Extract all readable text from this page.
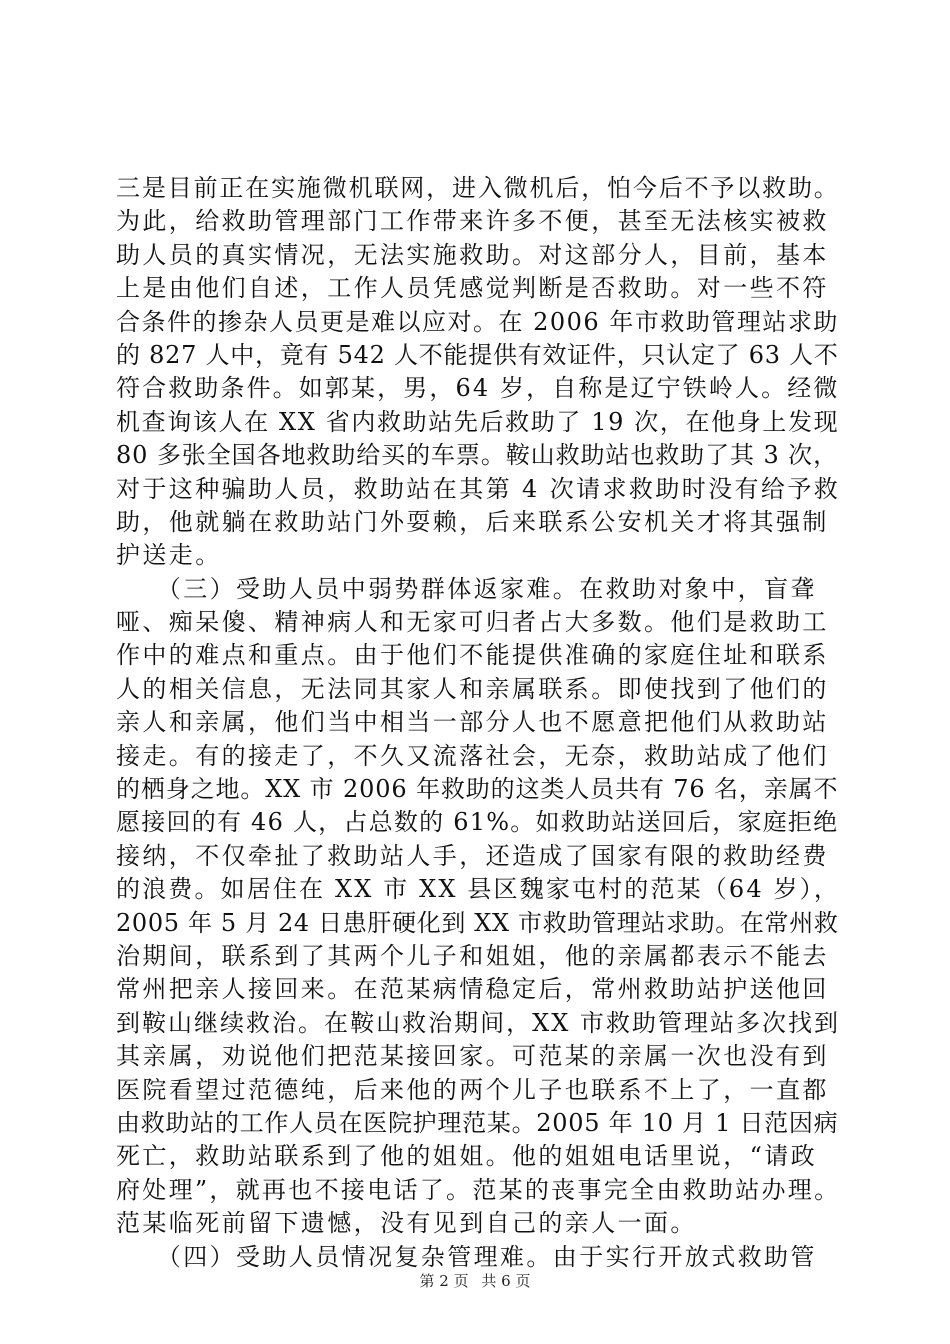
三是目前正在实施微机联网，进入微机后，怕今后不予以救助。
为此，给救助管理部门工作带来许多不便，甚至无法核实被救
助人员的真实情况，无法实施救助。对这部分人，目前，基本
上是由他们自述，工作人员凭感觉判断是否救助。对一些不符
合条件的掺杂人员更是难以应对。在 2006 年市救助管理站求助
的 827 人中，竟有 542 人不能提供有效证件，只认定了 63 人不
符合救助条件。如郭某，男，64 岁，自称是辽宁铁岭人。经微
机查询该人在 XX 省内救助站先后救助了 19 次，在他身上发现
80 多张全国各地救助给买的车票。鞍山救助站也救助了其 3 次，
对于这种骗助人员，救助站在其第 4 次请求救助时没有给予救
助，他就躺在救助站门外耍赖，后来联系公安机关才将其强制
护送走。
　　（三）受助人员中弱势群体返家难。在救助对象中，盲聋
哑、痴呆傻、精神病人和无家可归者占大多数。他们是救助工
作中的难点和重点。由于他们不能提供准确的家庭住址和联系
人的相关信息，无法同其家人和亲属联系。即使找到了他们的
亲人和亲属，他们当中相当一部分人也不愿意把他们从救助站
接走。有的接走了，不久又流落社会，无奈，救助站成了他们
的栖身之地。XX 市 2006 年救助的这类人员共有 76 名，亲属不
愿接回的有 46 人，占总数的 61%。如救助站送回后，家庭拒绝
接纳，不仅牵扯了救助站人手，还造成了国家有限的救助经费
的浪费。如居住在 XX 市 XX 县区魏家屯村的范某（64 岁），
2005 年 5 月 24 日患肝硬化到 XX 市救助管理站求助。在常州救
治期间，联系到了其两个儿子和姐姐，他的亲属都表示不能去
常州把亲人接回来。在范某病情稳定后，常州救助站护送他回
到鞍山继续救治。在鞍山救治期间，XX 市救助管理站多次找到
其亲属，劝说他们把范某接回家。可范某的亲属一次也没有到
医院看望过范德纯，后来他的两个儿子也联系不上了，一直都
由救助站的工作人员在医院护理范某。2005 年 10 月 1 日范因病
死亡，救助站联系到了他的姐姐。他的姐姐电话里说，“请政
府处理”，就再也不接电话了。范某的丧事完全由救助站办理。
范某临死前留下遗憾，没有见到自己的亲人一面。
　　（四）受助人员情况复杂管理难。由于实行开放式救助管
第 2 页 共 6 页
